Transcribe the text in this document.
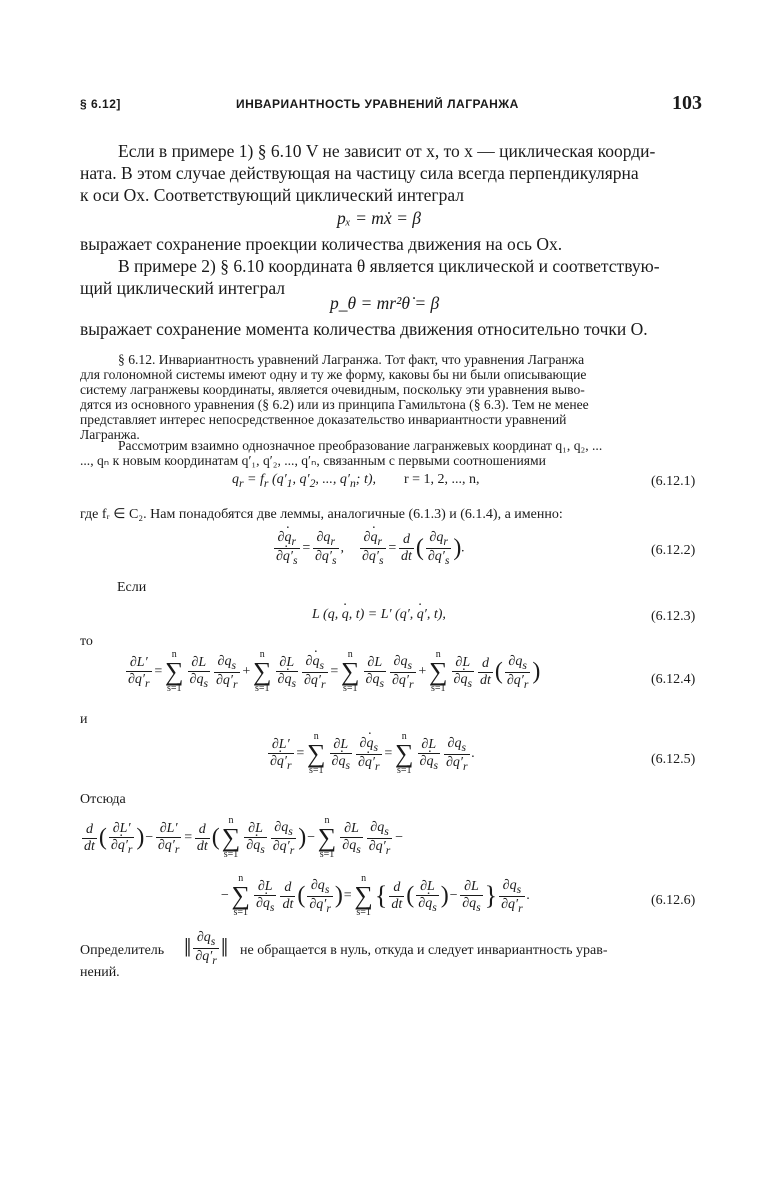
§ 6.12]	ИНВАРИАНТНОСТЬ УРАВНЕНИЙ ЛАГРАНЖА	103
Если в примере 1) § 6.10 V не зависит от x, то x — циклическая коорди-
ната. В этом случае действующая на частицу сила всегда перпендикулярна
к оси Ox. Соответствующий циклический интеграл
pₓ = mẋ = β
выражает сохранение проекции количества движения на ось Ox.
В примере 2) § 6.10 координата θ является циклической и соответствую-
щий циклический интеграл
p_θ = mr²θ̇ = β
выражает сохранение момента количества движения относительно точки O.
§ 6.12. Инвариантность уравнений Лагранжа. Тот факт, что уравнения Лагранжа
для голономной системы имеют одну и ту же форму, каковы бы ни были описывающие
систему лагранжевы координаты, является очевидным, поскольку эти уравнения выво-
дятся из основного уравнения (§ 6.2) или из принципа Гамильтона (§ 6.3). Тем не менее
представляет интерес непосредственное доказательство инвариантности уравнений
Лагранжа.
Рассмотрим взаимно однозначное преобразование лагранжевых координат q₁, q₂, ...
..., qₙ к новым координатам q′₁, q′₂, ..., q′ₙ, связанным с первыми соотношениями
$q_r = f_r$ ($q'_1$, $q'_2$, ..., $q'_n$; t),        r = 1, 2, ..., n,	(6.12.1)
где fᵣ ∈ C₂. Нам понадобятся две леммы, аналогичные (6.1.3) и (6.1.4), а именно:
$\frac{\partial\cdot q_r}{\partial\cdot q'_s} = \frac{\partial q_r}{\partial q'_s}$ , $\frac{\partial\cdot q_r}{\partial q'_s} = \frac{d}{dt}$ ( $\frac{\partial q_r}{\partial q'_s}$ ).	(6.12.2)
Если
L (q, · q, t) = L′ (q′, · q′, t),	(6.12.3)
то
$\frac{\partial L'}{\partial q'_r}$ =
n
∑
$s=1 \frac{\partial L}{\partial q_s} \frac{\partial q_s}{\partial q'_r}$ +
n
∑
$s=1 \frac{\partial L}{\partial\cdot q_s} \frac{\partial\cdot q_s}{\partial q'_r}$ =
n
∑
$s=1 \frac{\partial L}{\partial q_s} \frac{\partial q_s}{\partial q'_r}$ +
n
∑
$s=1 \frac{\partial L}{\partial\cdot q_s} \frac{d}{dt}$ ( $\frac{\partial q_s}{\partial q'_r}$ )	(6.12.4)
и
$\frac{\partial L'}{\partial\cdot q'_r}$ =
n
∑
$s=1 \frac{\partial L}{\partial\cdot q_s} \frac{\partial\cdot q_s}{\partial\cdot q'_r}$ =
n
∑
$s=1 \frac{\partial L}{\partial\cdot q_s} \frac{\partial q_s}{\partial q'_r}$ .	(6.12.5)
Отсюда
$\frac{d}{dt}$ ( $\frac{\partial L'}{\partial\cdot q'_r}$ )− $\frac{\partial L'}{\partial q'_r} = \frac{d}{dt}$ (
n
∑
$s=1 \frac{\partial L}{\partial\cdot q_s} \frac{\partial q_s}{\partial q'_r}$ )−
n
∑
$s=1 \frac{\partial L}{\partial q_s} \frac{\partial q_s}{\partial q'_r}$ −
−
n
∑
$s=1 \frac{\partial L}{\partial\cdot q_s} \frac{d}{dt}$ ( $\frac{\partial q_s}{\partial q'_r}$ )=
n
∑
s=1
{ $\frac{d}{dt}$ ( $\frac{\partial L}{\partial\cdot q_s}$ )− $\frac{\partial L}{\partial q_s}$ } $\frac{\partial q_s}{\partial q'_r}$ .	(6.12.6)
Определитель ‖ $\frac{\partial q_s}{\partial q'_r}$ ‖ не обращается в нуль, откуда и следует инвариантность урав-
нений.
